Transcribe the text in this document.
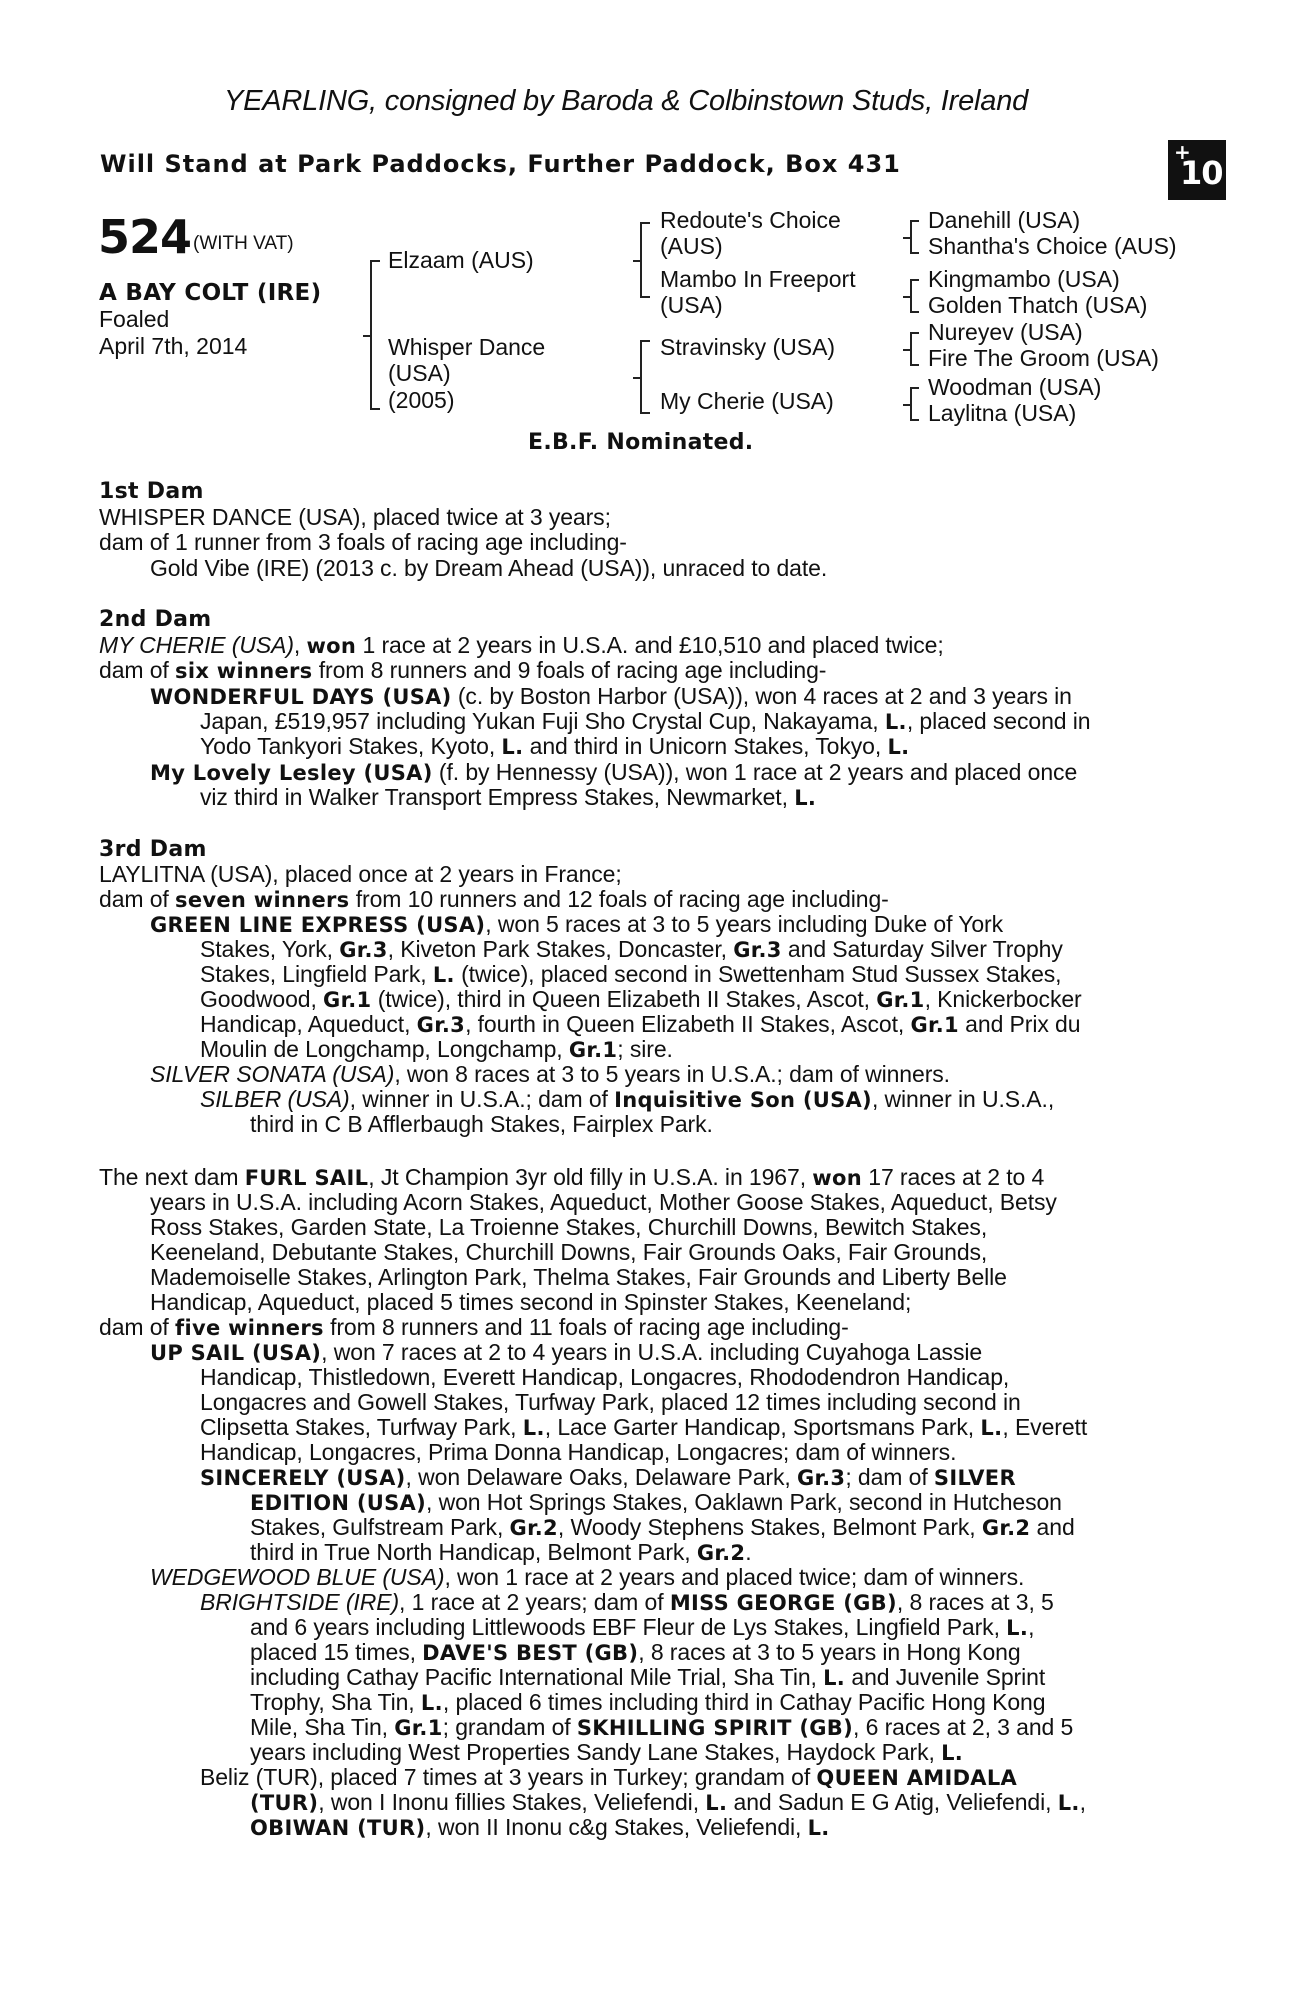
YEARLING, consigned by Baroda & Colbinstown Studs, Ireland
Will Stand at Park Paddocks, Further Paddock, Box 431	+
10
524 (WITH VAT)
A BAY COLT (IRE)
Foaled
April 7th, 2014
Elzaam (AUS)
Whisper Dance
(USA)
(2005)
Redoute's Choice
(AUS)
Mambo In Freeport
(USA)
Stravinsky (USA)
My Cherie (USA)
Danehill (USA)
Shantha's Choice (AUS)
Kingmambo (USA)
Golden Thatch (USA)
Nureyev (USA)
Fire The Groom (USA)
Woodman (USA)
Laylitna (USA)
E.B.F. Nominated.
1st Dam
WHISPER DANCE (USA), placed twice at 3 years;
dam of 1 runner from 3 foals of racing age including-
Gold Vibe (IRE) (2013 c. by Dream Ahead (USA)), unraced to date.
2nd Dam
MY CHERIE (USA), won 1 race at 2 years in U.S.A. and £10,510 and placed twice;
dam of six winners from 8 runners and 9 foals of racing age including-
WONDERFUL DAYS (USA) (c. by Boston Harbor (USA)), won 4 races at 2 and 3 years in
Japan, £519,957 including Yukan Fuji Sho Crystal Cup, Nakayama, L., placed second in
Yodo Tankyori Stakes, Kyoto, L. and third in Unicorn Stakes, Tokyo, L.
My Lovely Lesley (USA) (f. by Hennessy (USA)), won 1 race at 2 years and placed once
viz third in Walker Transport Empress Stakes, Newmarket, L.
3rd Dam
LAYLITNA (USA), placed once at 2 years in France;
dam of seven winners from 10 runners and 12 foals of racing age including-
GREEN LINE EXPRESS (USA), won 5 races at 3 to 5 years including Duke of York
Stakes, York, Gr.3, Kiveton Park Stakes, Doncaster, Gr.3 and Saturday Silver Trophy
Stakes, Lingfield Park, L. (twice), placed second in Swettenham Stud Sussex Stakes,
Goodwood, Gr.1 (twice), third in Queen Elizabeth II Stakes, Ascot, Gr.1, Knickerbocker
Handicap, Aqueduct, Gr.3, fourth in Queen Elizabeth II Stakes, Ascot, Gr.1 and Prix du
Moulin de Longchamp, Longchamp, Gr.1; sire.
SILVER SONATA (USA), won 8 races at 3 to 5 years in U.S.A.; dam of winners.
SILBER (USA), winner in U.S.A.; dam of Inquisitive Son (USA), winner in U.S.A.,
third in C B Afflerbaugh Stakes, Fairplex Park.
The next dam FURL SAIL, Jt Champion 3yr old filly in U.S.A. in 1967, won 17 races at 2 to 4
years in U.S.A. including Acorn Stakes, Aqueduct, Mother Goose Stakes, Aqueduct, Betsy
Ross Stakes, Garden State, La Troienne Stakes, Churchill Downs, Bewitch Stakes,
Keeneland, Debutante Stakes, Churchill Downs, Fair Grounds Oaks, Fair Grounds,
Mademoiselle Stakes, Arlington Park, Thelma Stakes, Fair Grounds and Liberty Belle
Handicap, Aqueduct, placed 5 times second in Spinster Stakes, Keeneland;
dam of five winners from 8 runners and 11 foals of racing age including-
UP SAIL (USA), won 7 races at 2 to 4 years in U.S.A. including Cuyahoga Lassie
Handicap, Thistledown, Everett Handicap, Longacres, Rhododendron Handicap,
Longacres and Gowell Stakes, Turfway Park, placed 12 times including second in
Clipsetta Stakes, Turfway Park, L., Lace Garter Handicap, Sportsmans Park, L., Everett
Handicap, Longacres, Prima Donna Handicap, Longacres; dam of winners.
SINCERELY (USA), won Delaware Oaks, Delaware Park, Gr.3; dam of SILVER
EDITION (USA), won Hot Springs Stakes, Oaklawn Park, second in Hutcheson
Stakes, Gulfstream Park, Gr.2, Woody Stephens Stakes, Belmont Park, Gr.2 and
third in True North Handicap, Belmont Park, Gr.2.
WEDGEWOOD BLUE (USA), won 1 race at 2 years and placed twice; dam of winners.
BRIGHTSIDE (IRE), 1 race at 2 years; dam of MISS GEORGE (GB), 8 races at 3, 5
and 6 years including Littlewoods EBF Fleur de Lys Stakes, Lingfield Park, L.,
placed 15 times, DAVE'S BEST (GB), 8 races at 3 to 5 years in Hong Kong
including Cathay Pacific International Mile Trial, Sha Tin, L. and Juvenile Sprint
Trophy, Sha Tin, L., placed 6 times including third in Cathay Pacific Hong Kong
Mile, Sha Tin, Gr.1; grandam of SKHILLING SPIRIT (GB), 6 races at 2, 3 and 5
years including West Properties Sandy Lane Stakes, Haydock Park, L.
Beliz (TUR), placed 7 times at 3 years in Turkey; grandam of QUEEN AMIDALA
(TUR), won I Inonu fillies Stakes, Veliefendi, L. and Sadun E G Atig, Veliefendi, L.,
OBIWAN (TUR), won II Inonu c&g Stakes, Veliefendi, L.
